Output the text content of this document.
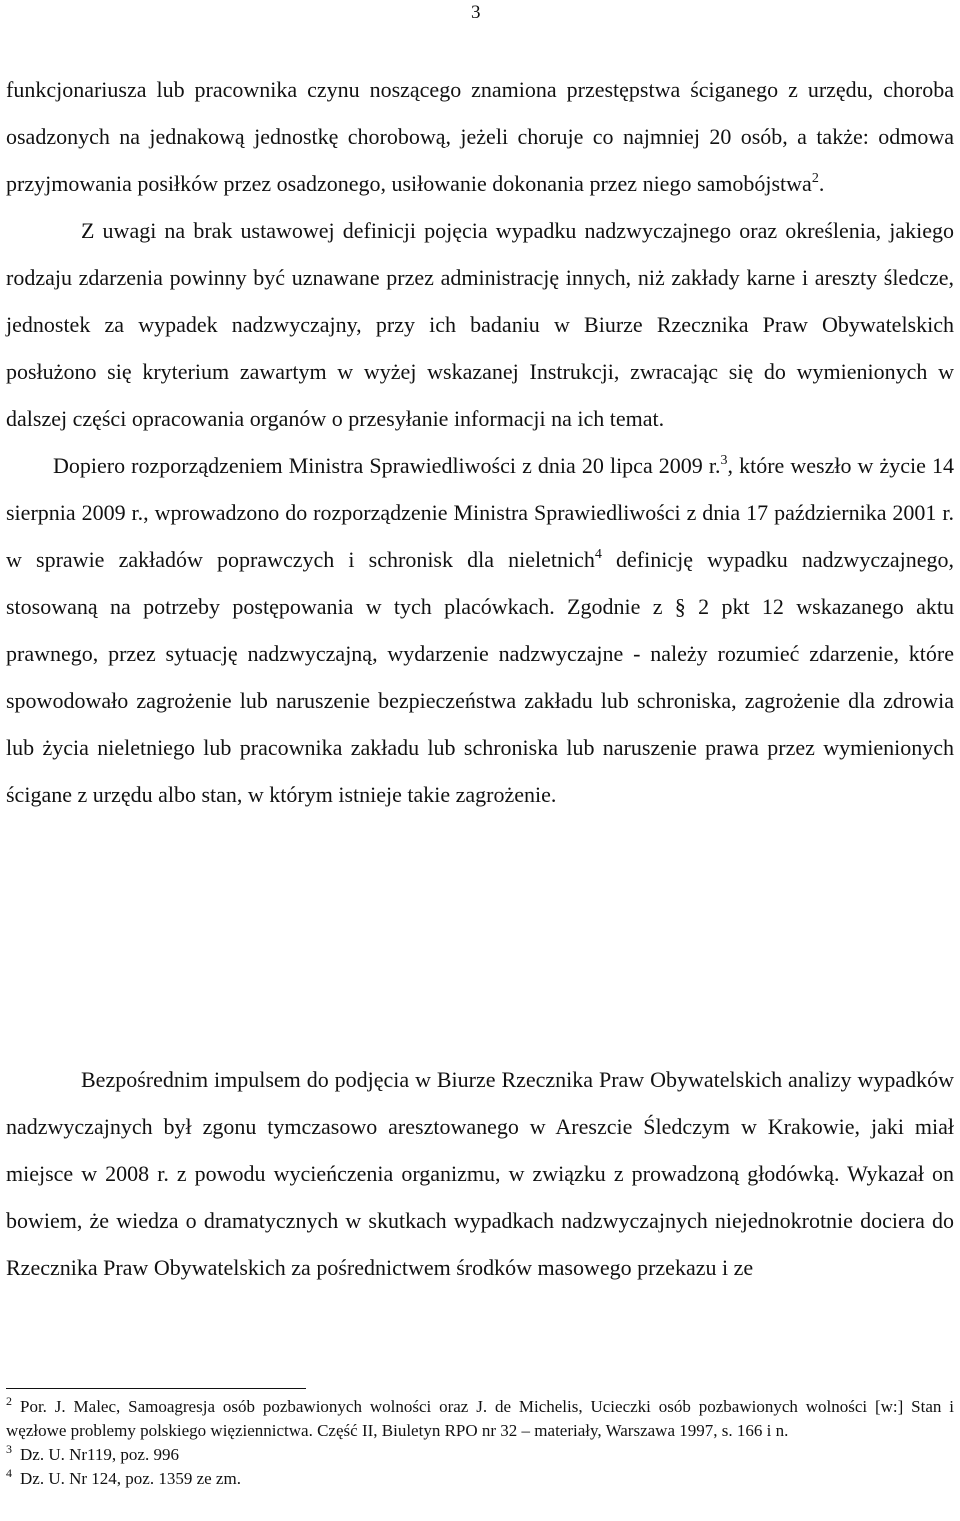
3

funkcjonariusza lub pracownika czynu noszącego znamiona przestępstwa ściganego z urzędu, choroba osadzonych na jednakową jednostkę chorobową, jeżeli choruje co najmniej 20 osób, a także: odmowa przyjmowania posiłków przez osadzonego, usiłowanie dokonania przez niego samobójstwa$^2$.

Z uwagi na brak ustawowej definicji pojęcia wypadku nadzwyczajnego oraz określenia, jakiego rodzaju zdarzenia powinny być uznawane przez administrację innych, niż zakłady karne i areszty śledcze, jednostek za wypadek nadzwyczajny, przy ich badaniu w Biurze Rzecznika Praw Obywatelskich posłużono się kryterium zawartym w wyżej wskazanej Instrukcji, zwracając się do wymienionych w dalszej części opracowania organów o przesyłanie informacji na ich temat.

Dopiero rozporządzeniem Ministra Sprawiedliwości z dnia 20 lipca 2009 r.$^3$, które weszło w życie 14 sierpnia 2009 r., wprowadzono do rozporządzenie Ministra Sprawiedliwości z dnia 17 października 2001 r. w sprawie zakładów poprawczych i schronisk dla nieletnich$^4$ definicję wypadku nadzwyczajnego, stosowaną na potrzeby postępowania w tych placówkach. Zgodnie z § 2 pkt 12 wskazanego aktu prawnego, przez sytuację nadzwyczajną, wydarzenie nadzwyczajne - należy rozumieć zdarzenie, które spowodowało zagrożenie lub naruszenie bezpieczeństwa zakładu lub schroniska, zagrożenie dla zdrowia lub życia nieletniego lub pracownika zakładu lub schroniska lub naruszenie prawa przez wymienionych ścigane z urzędu albo stan, w którym istnieje takie zagrożenie.

Bezpośrednim impulsem do podjęcia w Biurze Rzecznika Praw Obywatelskich analizy wypadków nadzwyczajnych był zgonu tymczasowo aresztowanego w Areszcie Śledczym w Krakowie, jaki miał miejsce w 2008 r. z powodu wycieńczenia organizmu, w związku z prowadzoną głodówką. Wykazał on bowiem, że wiedza o dramatycznych w skutkach wypadkach nadzwyczajnych niejednokrotnie dociera do Rzecznika Praw Obywatelskich za pośrednictwem środków masowego przekazu i ze

$^2$ Por. J. Malec, Samoagresja osób pozbawionych wolności oraz J. de Michelis, Ucieczki osób pozbawionych wolności [w:] Stan i węzłowe problemy polskiego więziennictwa. Część II, Biuletyn RPO nr 32 – materiały, Warszawa 1997, s. 166 i n.

$^3$ Dz. U. Nr119, poz. 996

$^4$ Dz. U. Nr 124, poz. 1359 ze zm.
